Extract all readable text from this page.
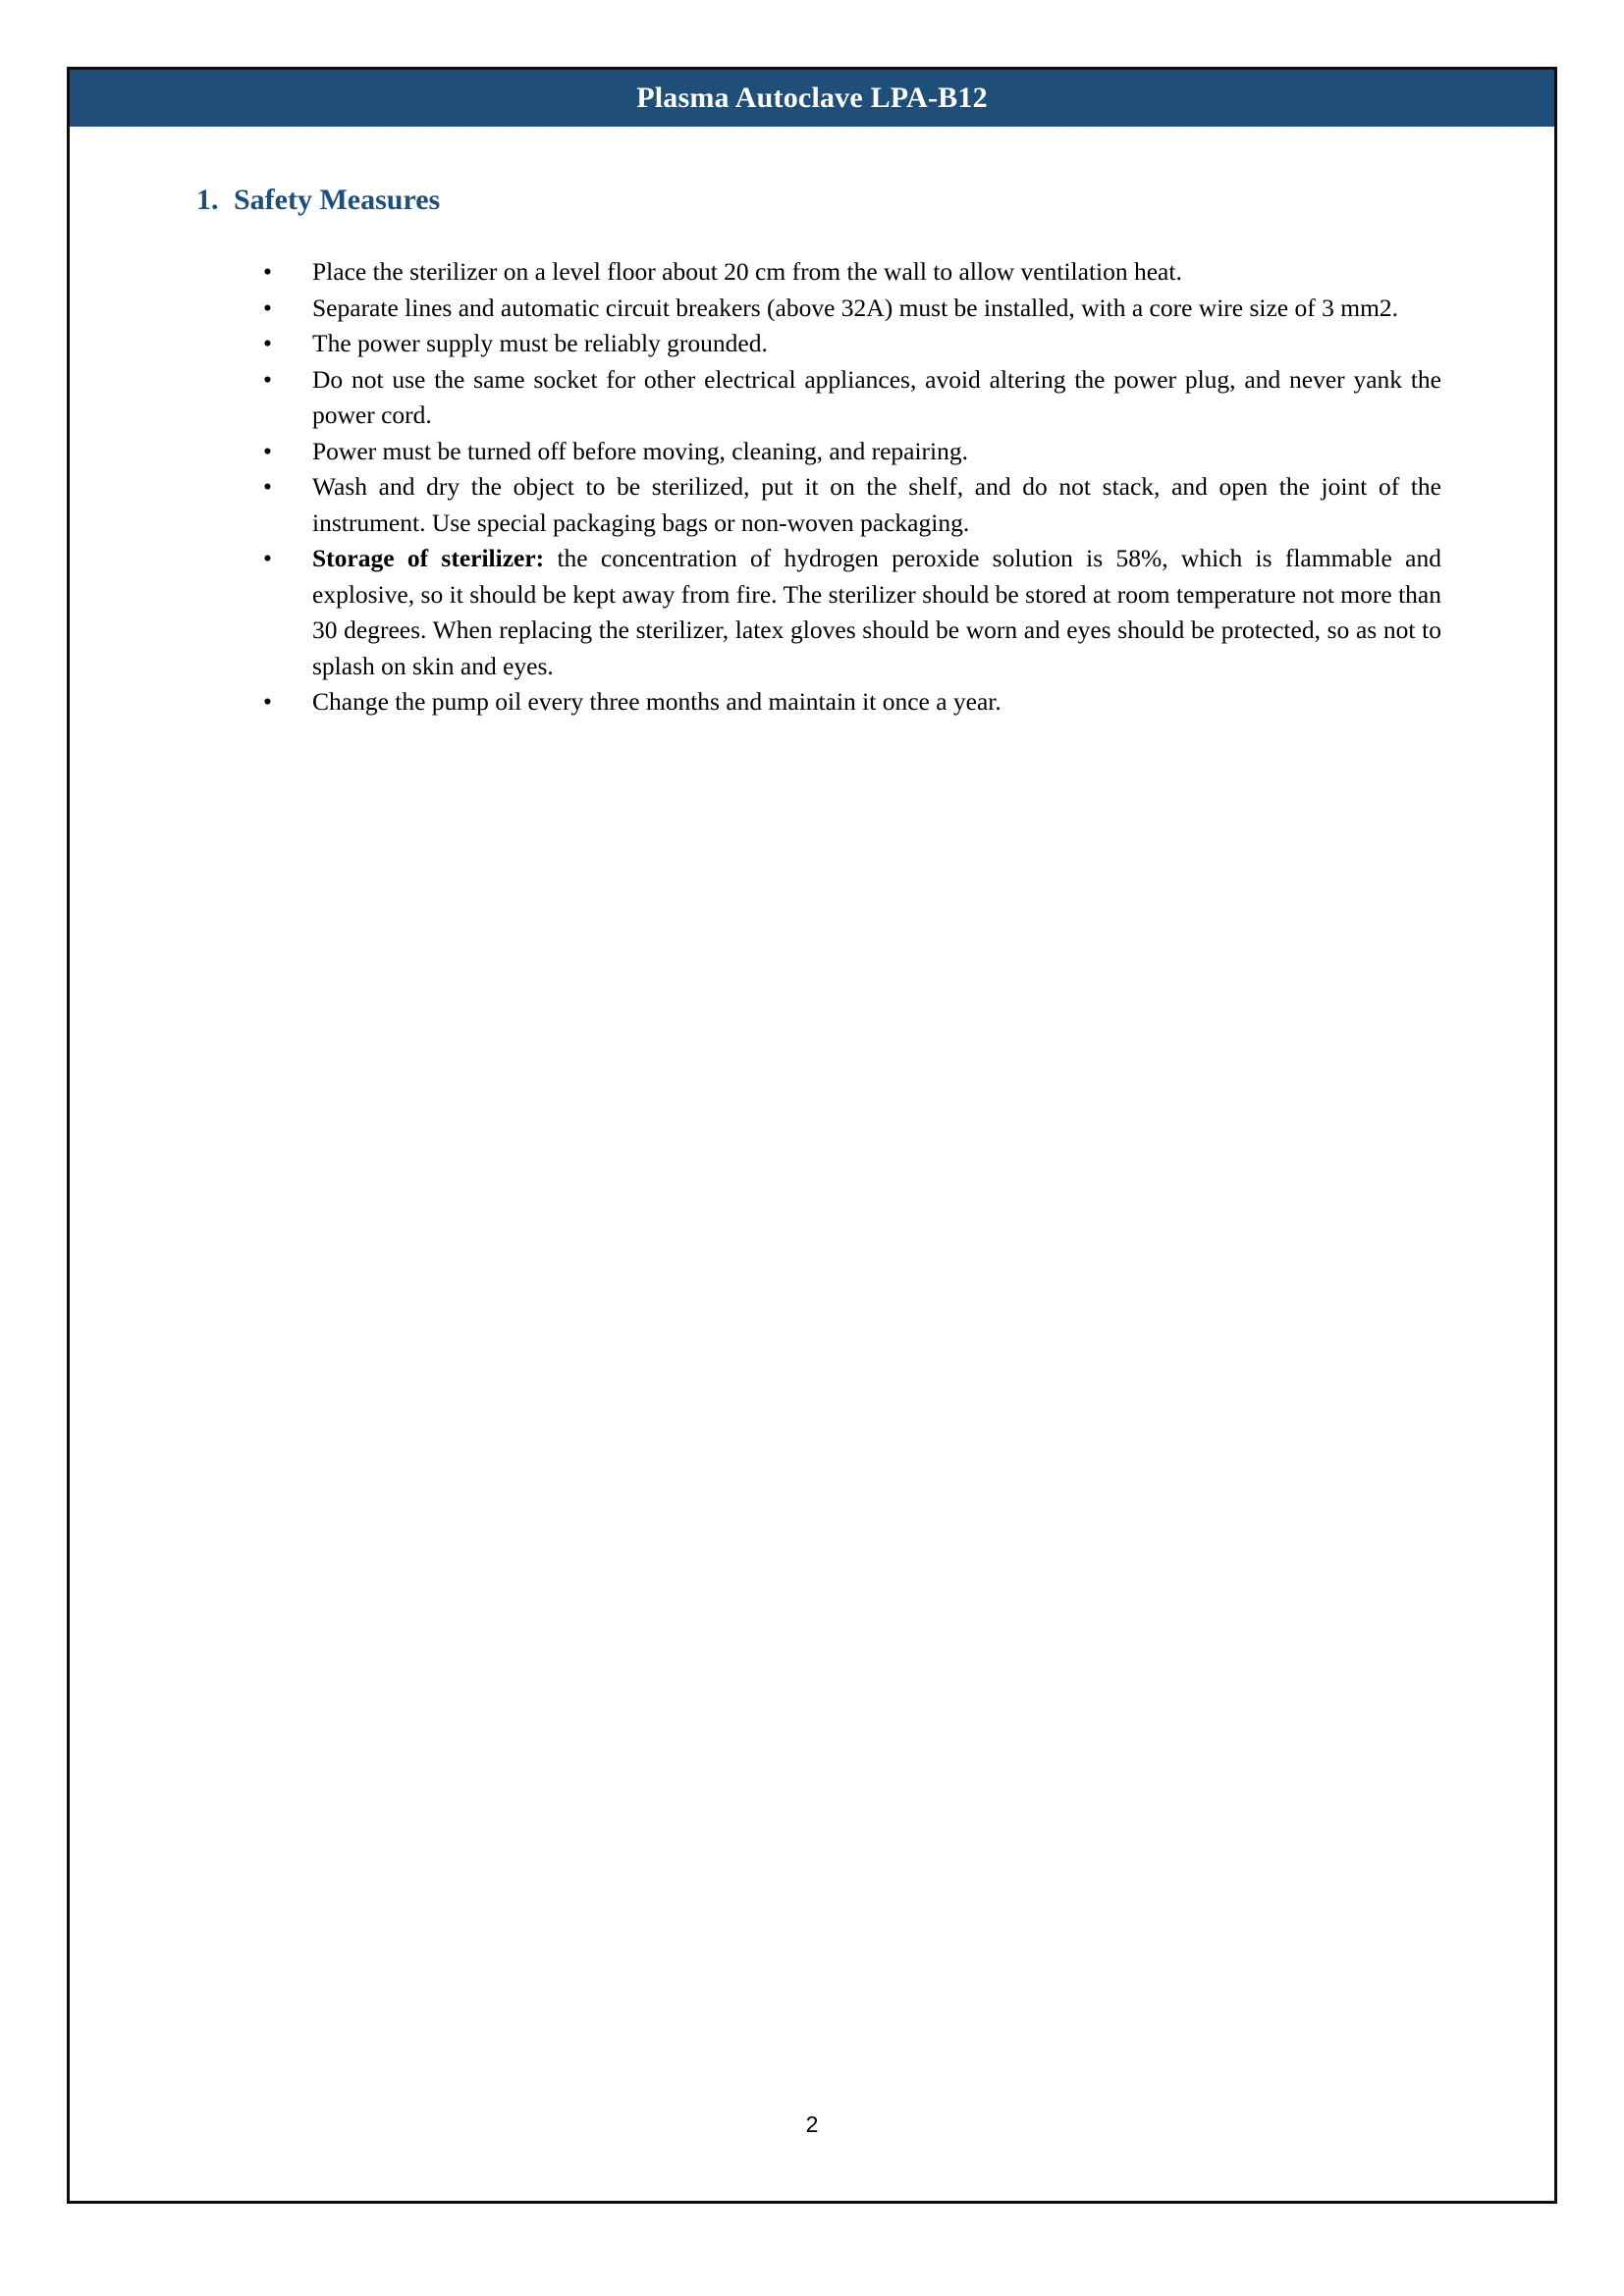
Plasma Autoclave LPA-B12
1. Safety Measures
•	Place the sterilizer on a level floor about 20 cm from the wall to allow ventilation heat.
•	Separate lines and automatic circuit breakers (above 32A) must be installed, with a core wire size of 3 mm2.
•	The power supply must be reliably grounded.
•	Do not use the same socket for other electrical appliances, avoid altering the power plug, and never yank the power cord.
•	Power must be turned off before moving, cleaning, and repairing.
•	Wash and dry the object to be sterilized, put it on the shelf, and do not stack, and open the joint of the instrument. Use special packaging bags or non-woven packaging.
•	Storage of sterilizer: the concentration of hydrogen peroxide solution is 58%, which is flammable and explosive, so it should be kept away from fire. The sterilizer should be stored at room temperature not more than 30 degrees. When replacing the sterilizer, latex gloves should be worn and eyes should be protected, so as not to splash on skin and eyes.
•	Change the pump oil every three months and maintain it once a year.
2
